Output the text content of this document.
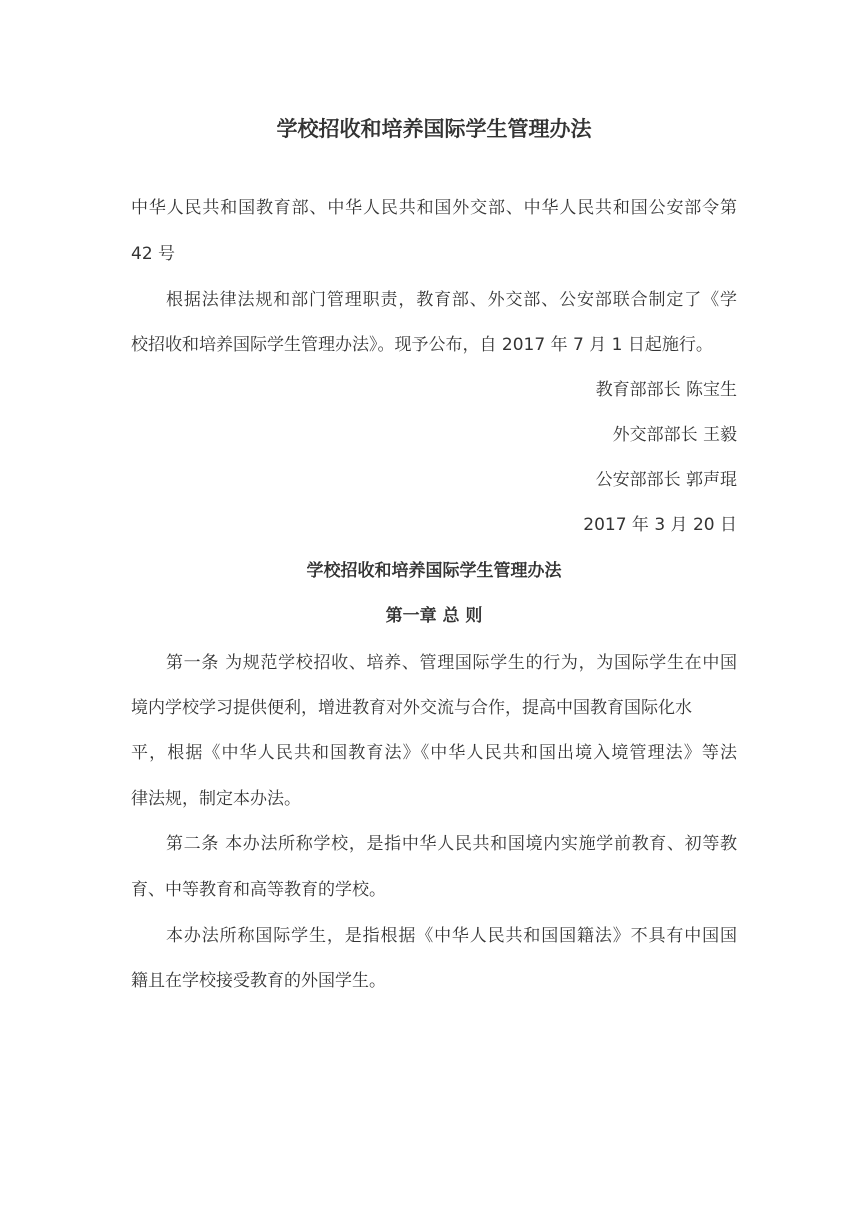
学校招收和培养国际学生管理办法
中华人民共和国教育部、中华人民共和国外交部、中华人民共和国公安部令第
42 号
根据法律法规和部门管理职责，教育部、外交部、公安部联合制定了《学
校招收和培养国际学生管理办法》。现予公布，自 2017 年 7 月 1 日起施行。
教育部部长 陈宝生
外交部部长 王毅
公安部部长 郭声琨
2017 年 3 月 20 日
学校招收和培养国际学生管理办法
第一章 总 则
第一条 为规范学校招收、培养、管理国际学生的行为，为国际学生在中国
境内学校学习提供便利，增进教育对外交流与合作，提高中国教育国际化水
平，根据《中华人民共和国教育法》《中华人民共和国出境入境管理法》等法
律法规，制定本办法。
第二条 本办法所称学校，是指中华人民共和国境内实施学前教育、初等教
育、中等教育和高等教育的学校。
本办法所称国际学生，是指根据《中华人民共和国国籍法》不具有中国国
籍且在学校接受教育的外国学生。
